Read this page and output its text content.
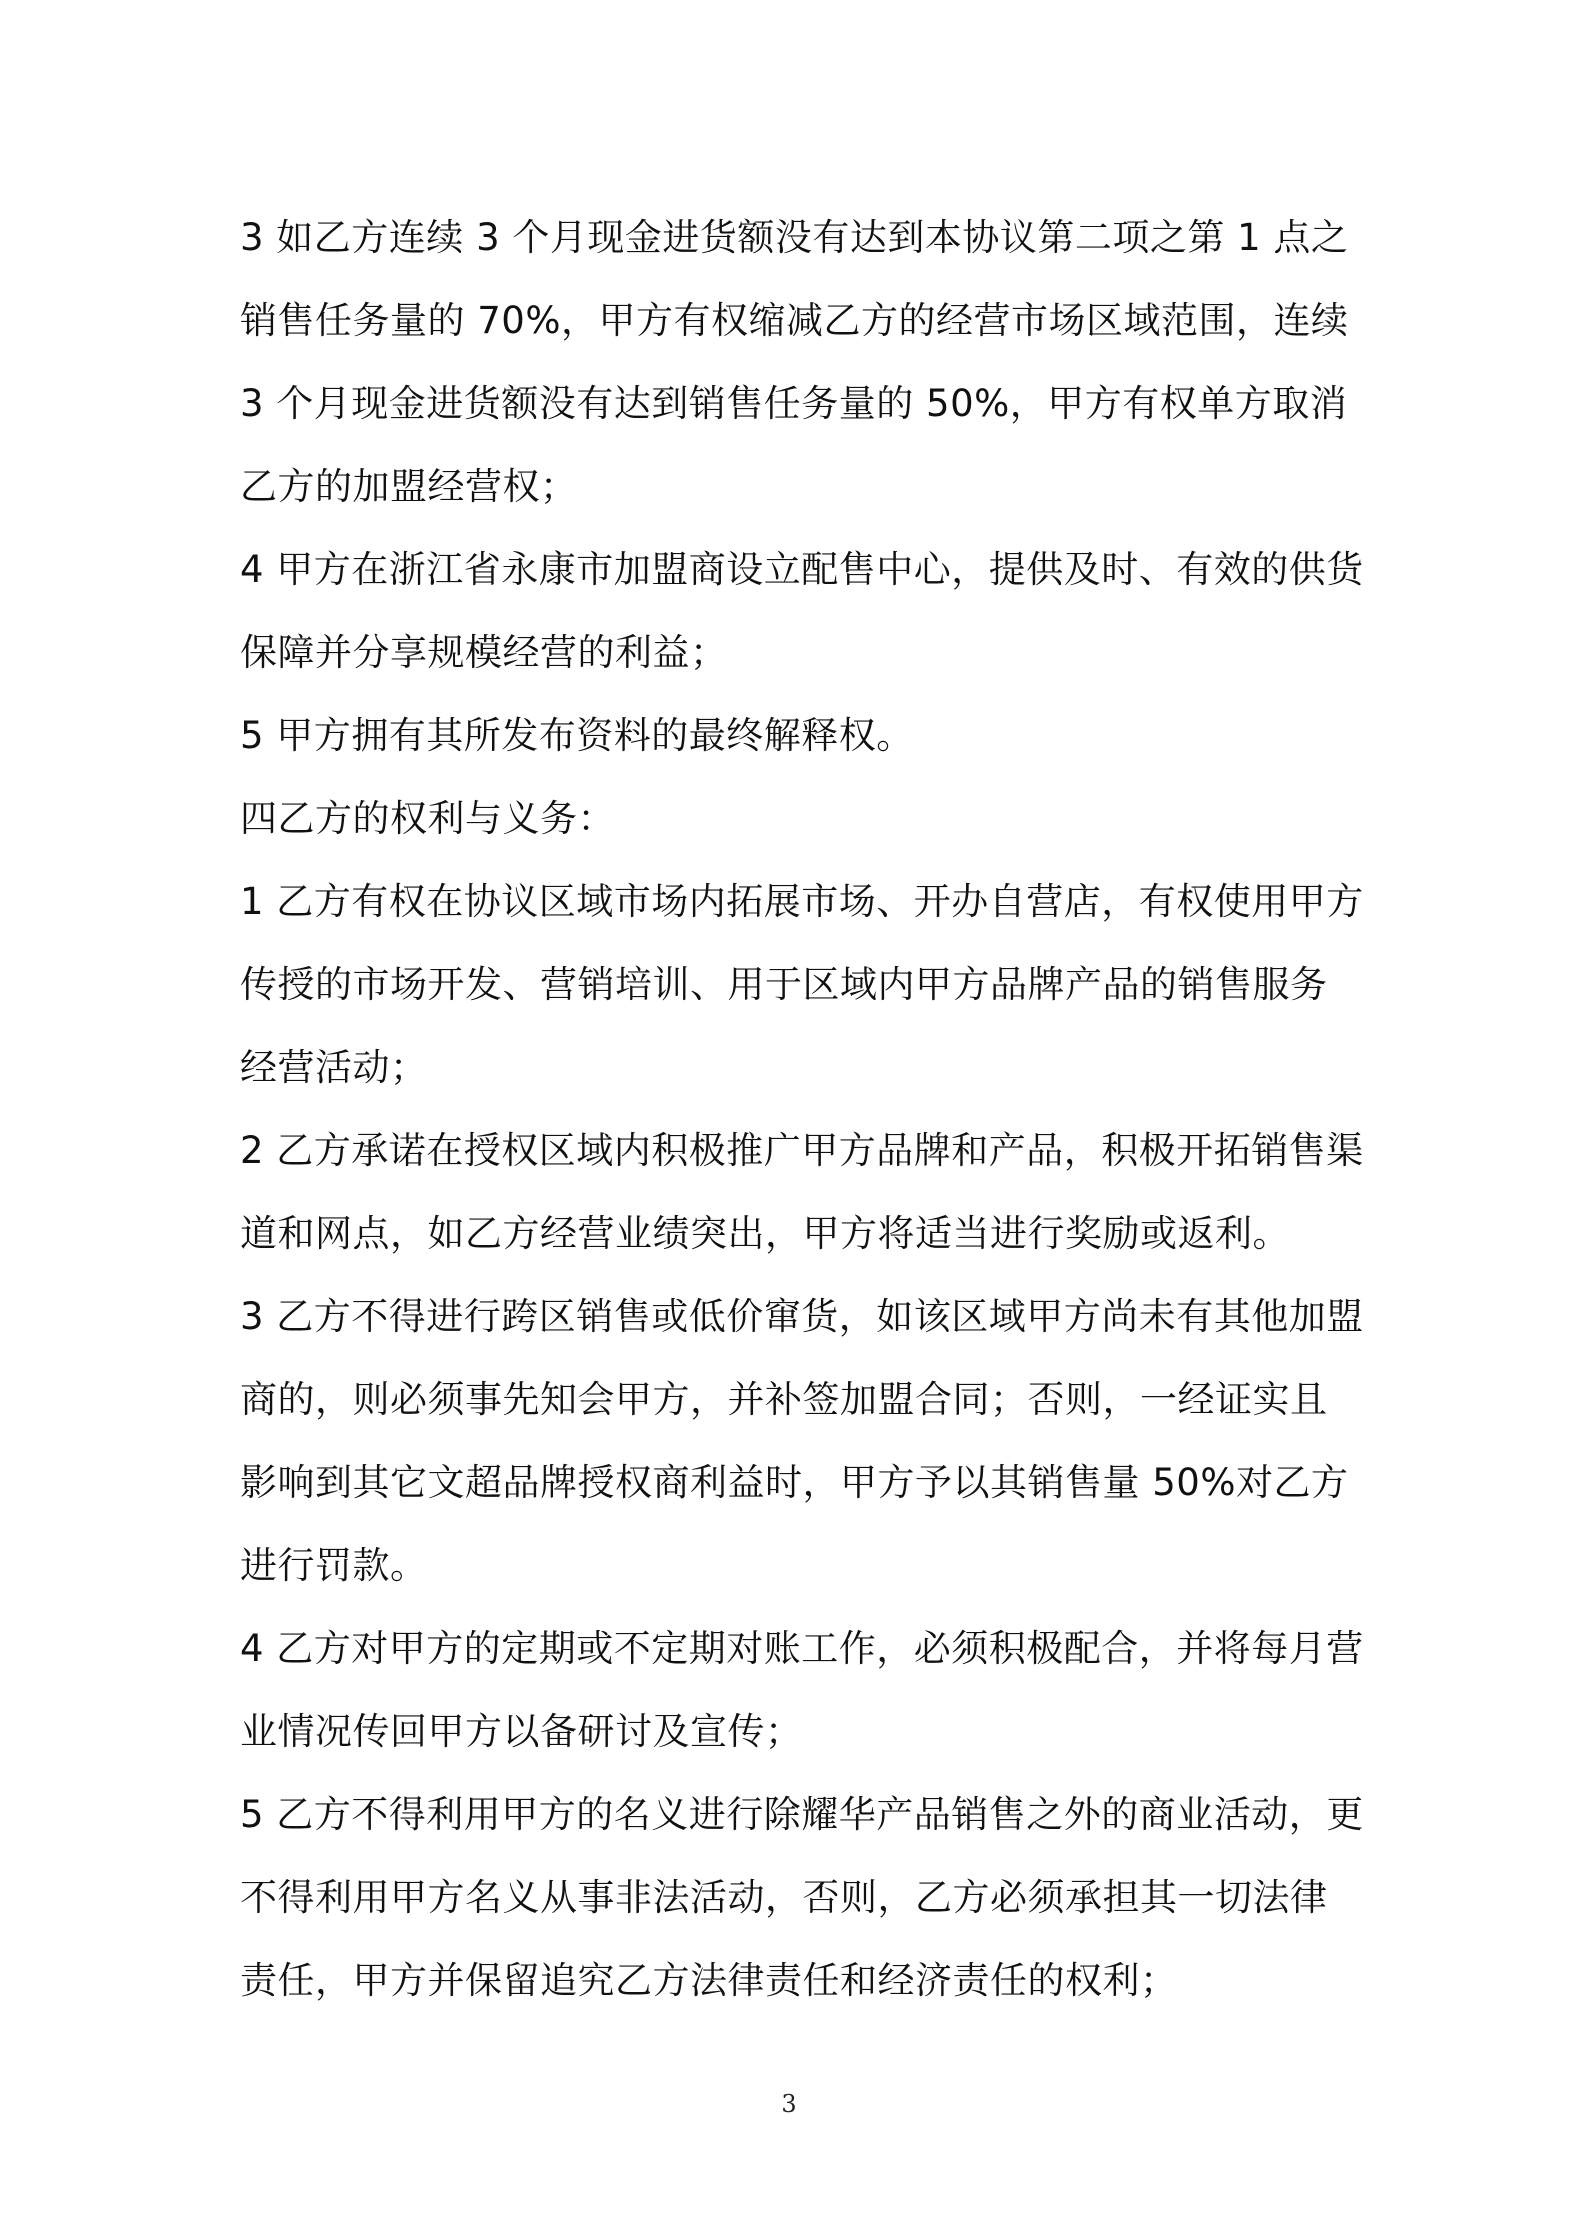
3 如乙方连续 3 个月现金进货额没有达到本协议第二项之第 1 点之
销售任务量的 70%，甲方有权缩减乙方的经营市场区域范围，连续
3 个月现金进货额没有达到销售任务量的 50%，甲方有权单方取消
乙方的加盟经营权；
4 甲方在浙江省永康市加盟商设立配售中心，提供及时、有效的供货
保障并分享规模经营的利益；
5 甲方拥有其所发布资料的最终解释权。
四乙方的权利与义务：
1 乙方有权在协议区域市场内拓展市场、开办自营店，有权使用甲方
传授的市场开发、营销培训、用于区域内甲方品牌产品的销售服务
经营活动；
2 乙方承诺在授权区域内积极推广甲方品牌和产品，积极开拓销售渠
道和网点，如乙方经营业绩突出，甲方将适当进行奖励或返利。
3 乙方不得进行跨区销售或低价窜货，如该区域甲方尚未有其他加盟
商的，则必须事先知会甲方，并补签加盟合同；否则，一经证实且
影响到其它文超品牌授权商利益时，甲方予以其销售量 50%对乙方
进行罚款。
4 乙方对甲方的定期或不定期对账工作，必须积极配合，并将每月营
业情况传回甲方以备研讨及宣传；
5 乙方不得利用甲方的名义进行除耀华产品销售之外的商业活动，更
不得利用甲方名义从事非法活动，否则，乙方必须承担其一切法律
责任，甲方并保留追究乙方法律责任和经济责任的权利；
3
